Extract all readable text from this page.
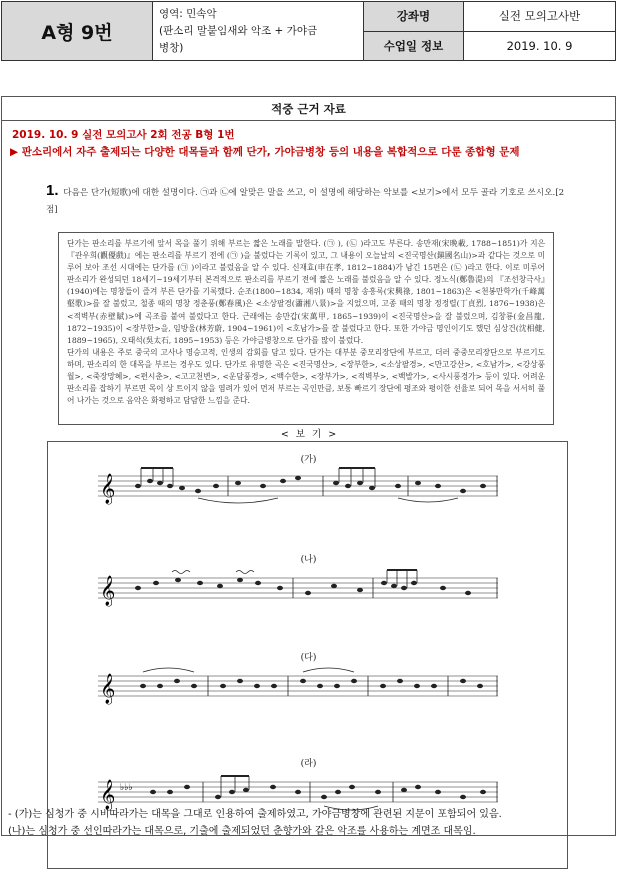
A형 9번
영역: 민속악
(판소리 말붙임새와 악조 + 가야금
병창)
강좌명	실전 모의고사반
수업일 정보	2019. 10. 9
적중 근거 자료
2019. 10. 9 실전 모의고사 2회 전공 B형 1번
▶ 판소리에서 자주 출제되는 다양한 대목들과 함께 단가, 가야금병창 등의 내용을 복합적으로 다룬 종합형 문제
1. 다음은 단가(短歌)에 대한 설명이다. ㉠과 ㉡에 알맞은 말을 쓰고, 이 설명에 해당하는 악보를 <보기>에서 모두 골라 기호로 쓰시오.[2점]
단가는 판소리를 부르기에 앞서 목을 풀기 위해 부르는 짧은 노래를 말한다. (㉠ ), (㉡ )라고도 부른다. 송만재(宋晩載, 1788~1851)가 지은 『관우희(觀優戲)』에는 판소리를 부르기 전에 (㉠ )을 불렀다는 기록이 있고, 그 내용이 오늘날의 <진국명산(鎭國名山)>과 같다는 것으로 미루어 보아 조선 시대에는 단가를 (㉠ )이라고 불렀음을 알 수 있다. 신재효(申在孝, 1812~1884)가 남긴 15편은 (㉡ )라고 한다. 이로 미루어 판소리가 완성되던 18세기~19세기부터 본격적으로 판소리를 부르기 전에 짧은 노래를 불렀음을 알 수 있다. 정노식(鄭魯湜)의 『조선창극사』(1940)에는 명창들이 즐겨 부른 단가를 기록했다. 순조(1800~1834, 재위) 때의 명창 송흥록(宋興祿, 1801~1863)은 <천봉만학가(千峰萬壑歌)>를 잘 불렀고, 철종 때의 명창 정춘풍(鄭春風)은 <소상팔경(瀟湘八景)>을 지었으며, 고종 때의 명창 정정렬(丁貞烈, 1876~1938)은 <적벽부(赤壁賦)>에 곡조를 붙여 불렀다고 한다. 근래에는 송만갑(宋萬甲, 1865~1939)이 <진국명산>을 잘 불렀으며, 김창룡(金昌龍, 1872~1935)이 <장부한>을, 임방울(林芳蔚, 1904~1961)이 <호남가>를 잘 불렀다고 한다. 또한 가야금 명인이기도 했던 심상건(沈相健, 1889~1965), 오태석(吳太石, 1895~1953) 등은 가야금병창으로 단가를 많이 불렀다.
단가의 내용은 주로 중국의 고사나 명승고적, 인생의 감회를 담고 있다. 단가는 대부분 중모리장단에 부르고, 더러 중중모리장단으로 부르기도 하며, 판소리의 한 대목을 부르는 경우도 있다. 단가로 유명한 곡은 <진국명산>, <장부한>, <소상팔경>, <만고강산>, <호남가>, <강상풍월>, <죽장망혜>, <편시춘>, <고고천변>, <운담풍경>, <백수한>, <장부가>, <적벽부>, <백발가>, <사시풍경가> 등이 있다. 어려운 판소리를 잡하기 부르면 목이 상 트이지 않을 염려가 있어 먼저 부르는 곡인만큼, 보통 빠르기 장단에 평조와 평이한 선율로 되어 목을 서서히 풀어 나가는 것으로 음악은 화평하고 담담한 느낌을 준다.
< 보 기 >
(가)
𝄞
(나)
𝄞
(다)
𝄞
(라)
𝄞 ♭♭♭
- (가)는 심청가 중 시비따라가는 대목을 그대로 인용하여 출제하였고, 가야금병창에 관련된 지문이 포함되어 있음.
(나)는 심청가 중 선인따라가는 대목으로, 기출에 출제되었던 춘향가와 같은 악조를 사용하는 계면조 대목임.
